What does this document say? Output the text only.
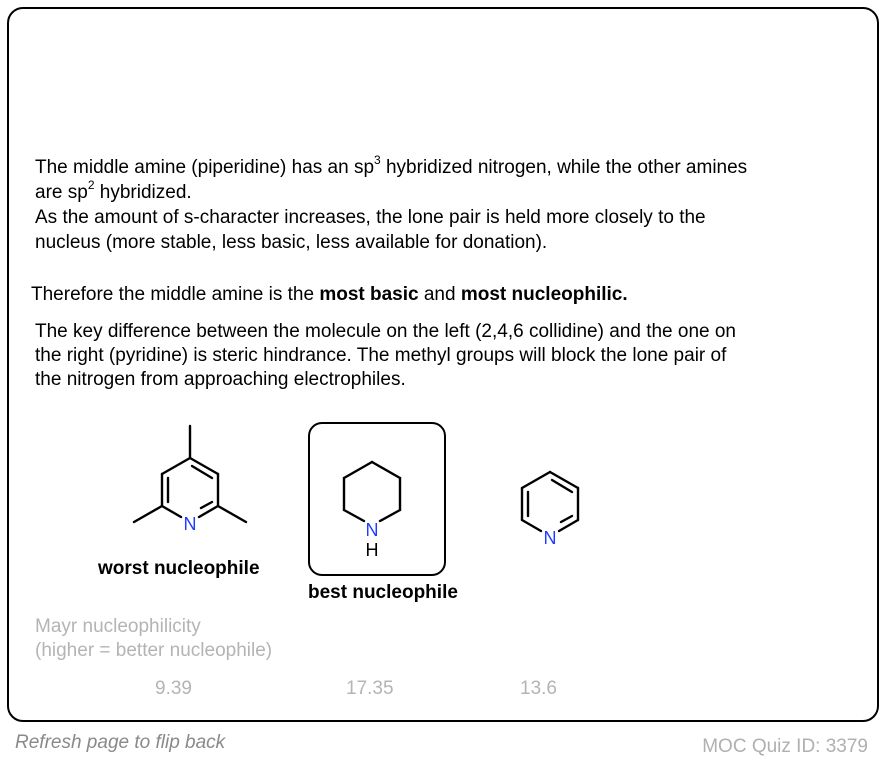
The middle amine (piperidine) has an $sp^3$ hybridized nitrogen, while the other amines
are $sp^2$ hybridized.
As the amount of s-character increases, the lone pair is held more closely to the
nucleus (more stable, less basic, less available for donation).
Therefore the middle amine is the most basic and most nucleophilic.
The key difference between the molecule on the left (2,4,6 collidine) and the one on
the right (pyridine) is steric hindrance. The methyl groups will block the lone pair of
the nitrogen from approaching electrophiles.
N	N
H
N
worst nucleophile
best nucleophile
Mayr nucleophilicity
(higher = better nucleophile)
9.39	17.35	13.6
Refresh page to flip back	MOC Quiz ID: 3379
